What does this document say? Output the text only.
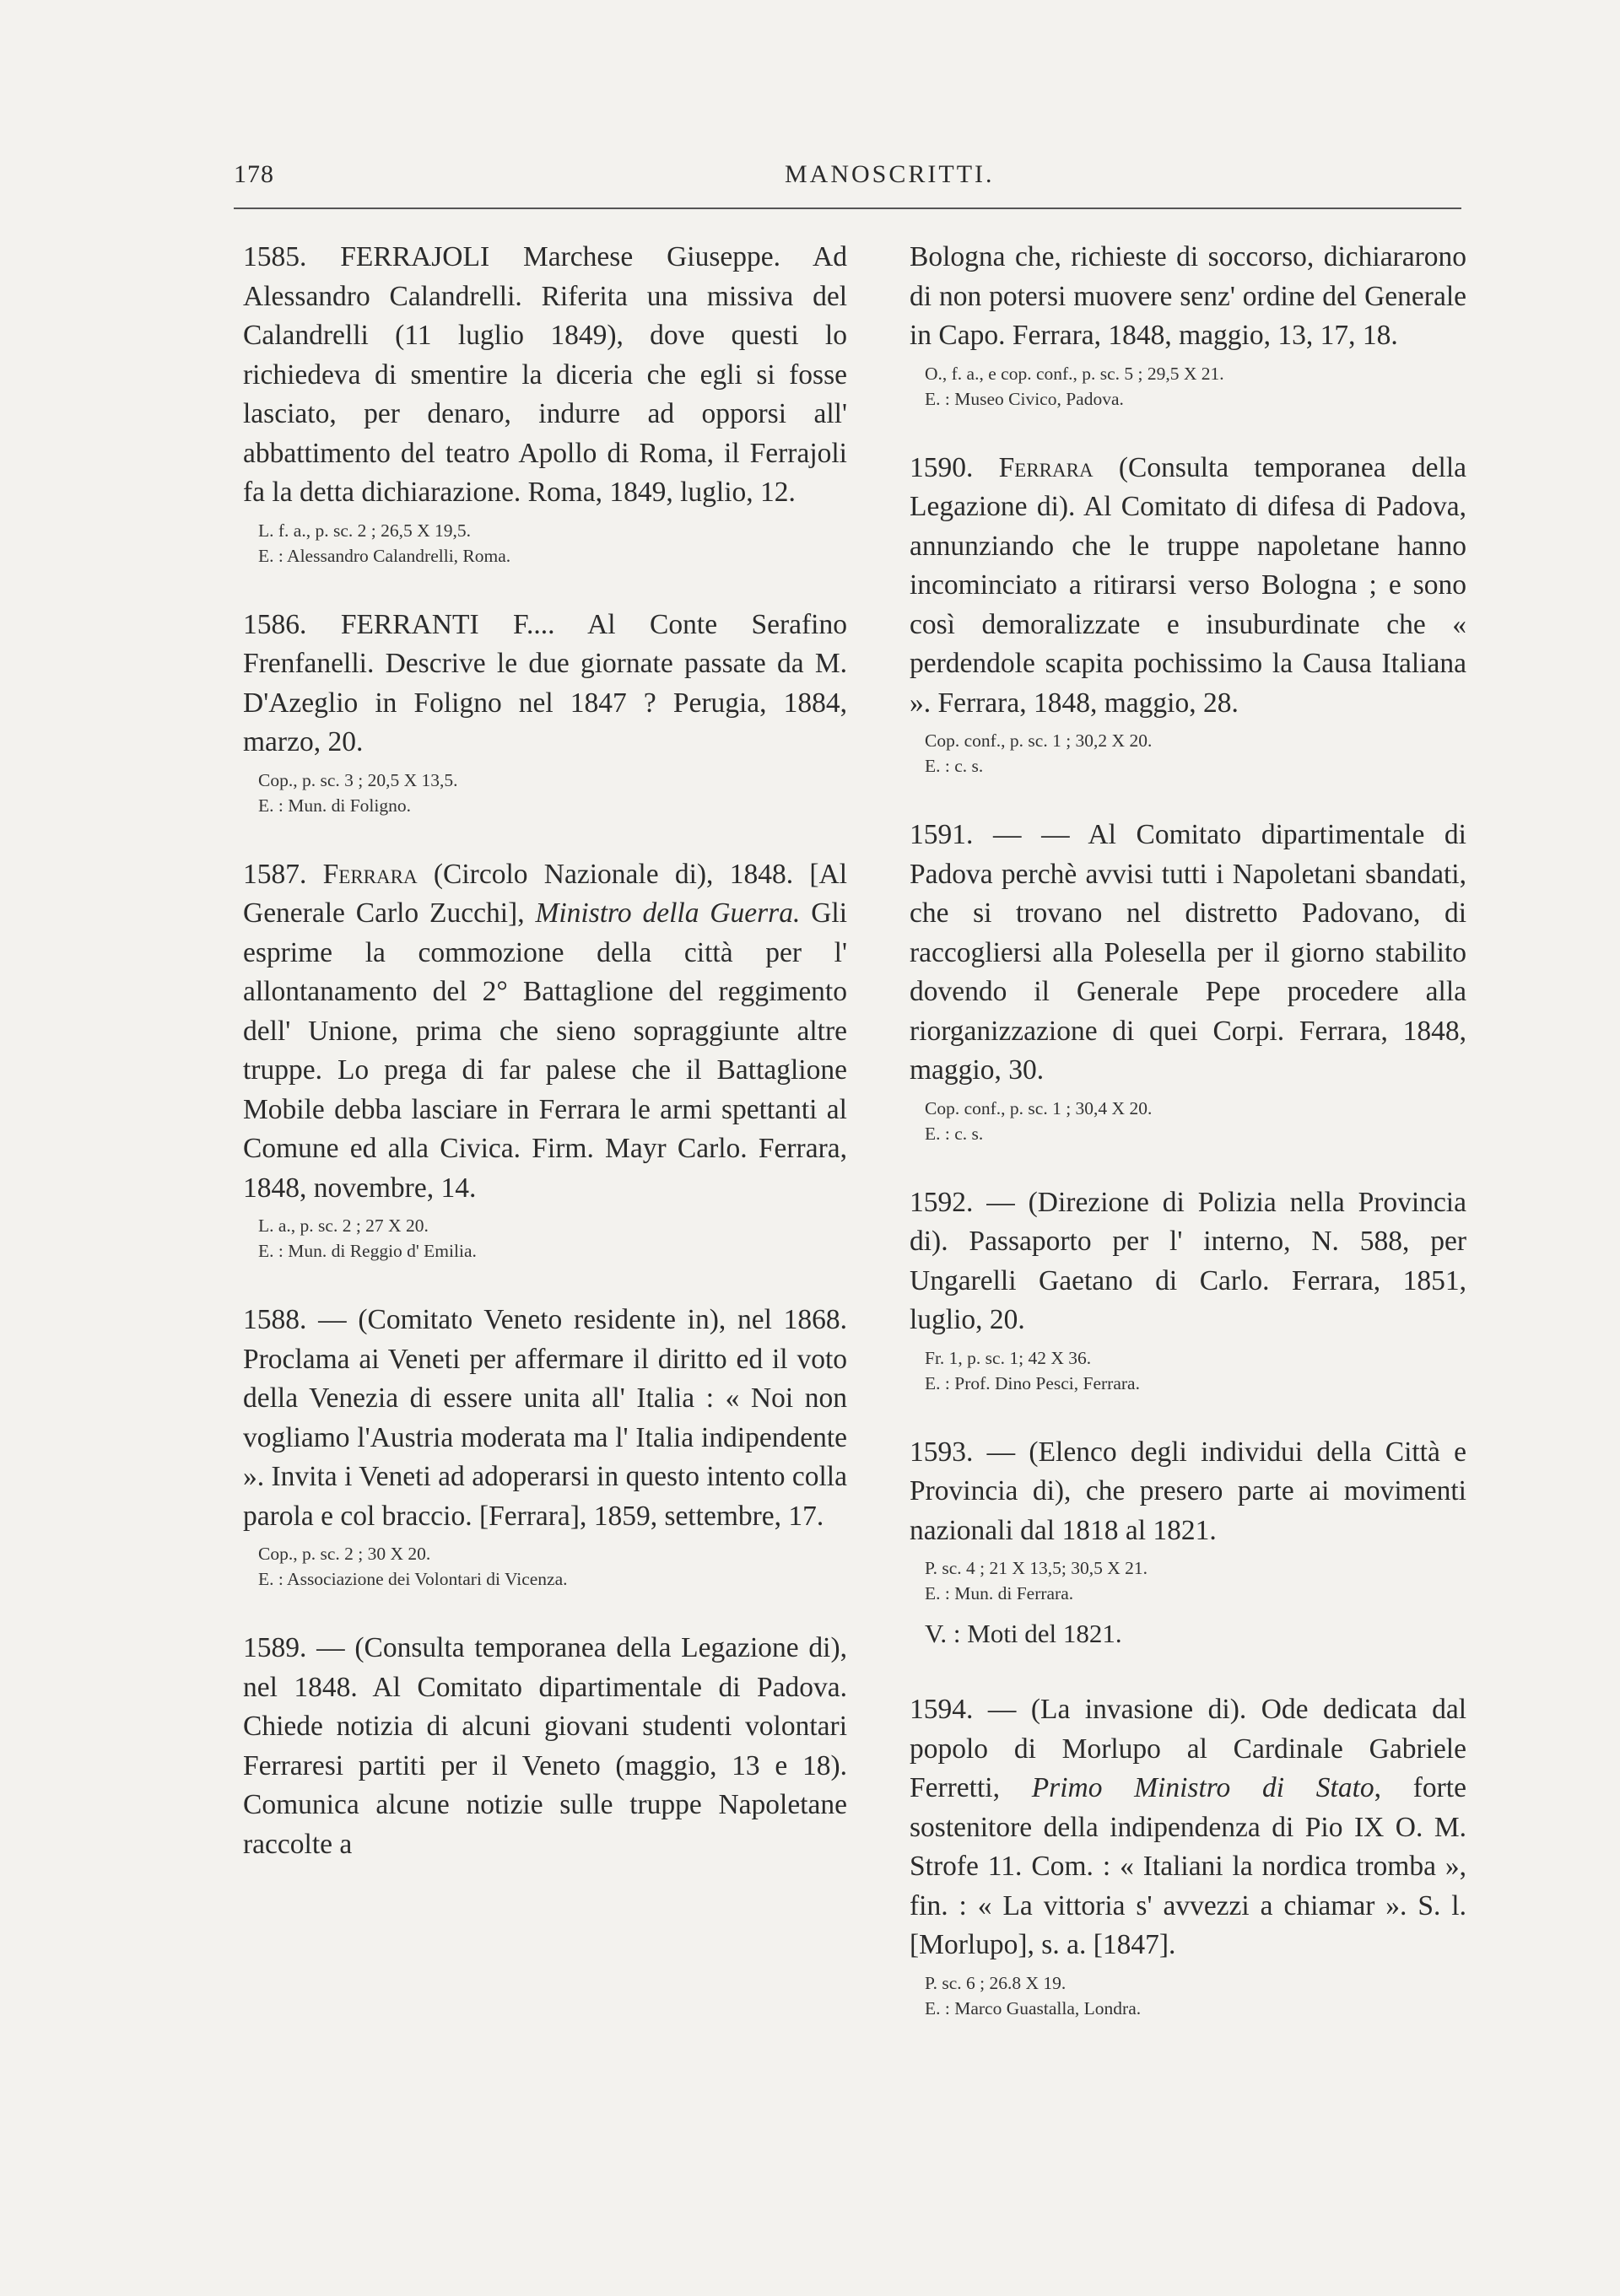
178	MANOSCRITTI.

1585. FERRAJOLI Marchese Giuseppe. Ad Alessandro Calandrelli. Riferita una missiva del Calandrelli (11 luglio 1849), dove questi lo richiedeva di smentire la diceria che egli si fosse lasciato, per denaro, indurre ad opporsi all' abbattimento del teatro Apollo di Roma, il Ferrajoli fa la detta dichiarazione. Roma, 1849, luglio, 12.

L. f. a., p. sc. 2 ; 26,5 X 19,5.
E. : Alessandro Calandrelli, Roma.

1586. FERRANTI F.... Al Conte Serafino Frenfanelli. Descrive le due giornate passate da M. D'Azeglio in Foligno nel 1847 ? Perugia, 1884, marzo, 20.

Cop., p. sc. 3 ; 20,5 X 13,5.
E. : Mun. di Foligno.

1587. Ferrara (Circolo Nazionale di), 1848. [Al Generale Carlo Zucchi], Ministro della Guerra. Gli esprime la commozione della città per l' allontanamento del 2° Battaglione del reggimento dell' Unione, prima che sieno sopraggiunte altre truppe. Lo prega di far palese che il Battaglione Mobile debba lasciare in Ferrara le armi spettanti al Comune ed alla Civica. Firm. Mayr Carlo. Ferrara, 1848, novembre, 14.

L. a., p. sc. 2 ; 27 X 20.
E. : Mun. di Reggio d' Emilia.

1588. — (Comitato Veneto residente in), nel 1868. Proclama ai Veneti per affermare il diritto ed il voto della Venezia di essere unita all' Italia : « Noi non vogliamo l'Austria moderata ma l' Italia indipendente ». Invita i Veneti ad adoperarsi in questo intento colla parola e col braccio. [Ferrara], 1859, settembre, 17.

Cop., p. sc. 2 ; 30 X 20.
E. : Associazione dei Volontari di Vicenza.

1589. — (Consulta temporanea della Legazione di), nel 1848. Al Comitato dipartimentale di Padova. Chiede notizia di alcuni giovani studenti volontari Ferraresi partiti per il Veneto (maggio, 13 e 18). Comunica alcune notizie sulle truppe Napoletane raccolte a

Bologna che, richieste di soccorso, dichiararono di non potersi muovere senz' ordine del Generale in Capo. Ferrara, 1848, maggio, 13, 17, 18.

O., f. a., e cop. conf., p. sc. 5 ; 29,5 X 21.
E. : Museo Civico, Padova.

1590. Ferrara (Consulta temporanea della Legazione di). Al Comitato di difesa di Padova, annunziando che le truppe napoletane hanno incominciato a ritirarsi verso Bologna ; e sono così demoralizzate e insuburdinate che « perdendole scapita pochissimo la Causa Italiana ». Ferrara, 1848, maggio, 28.

Cop. conf., p. sc. 1 ; 30,2 X 20.
E. : c. s.

1591. — — Al Comitato dipartimentale di Padova perchè avvisi tutti i Napoletani sbandati, che si trovano nel distretto Padovano, di raccogliersi alla Polesella per il giorno stabilito dovendo il Generale Pepe procedere alla riorganizzazione di quei Corpi. Ferrara, 1848, maggio, 30.

Cop. conf., p. sc. 1 ; 30,4 X 20.
E. : c. s.

1592. — (Direzione di Polizia nella Provincia di). Passaporto per l' interno, N. 588, per Ungarelli Gaetano di Carlo. Ferrara, 1851, luglio, 20.

Fr. 1, p. sc. 1; 42 X 36.
E. : Prof. Dino Pesci, Ferrara.

1593. — (Elenco degli individui della Città e Provincia di), che presero parte ai movimenti nazionali dal 1818 al 1821.

P. sc. 4 ; 21 X 13,5; 30,5 X 21.
E. : Mun. di Ferrara.
V. : Moti del 1821.

1594. — (La invasione di). Ode dedicata dal popolo di Morlupo al Cardinale Gabriele Ferretti, Primo Ministro di Stato, forte sostenitore della indipendenza di Pio IX O. M. Strofe 11. Com. : « Italiani la nordica tromba », fin. : « La vittoria s' avvezzi a chiamar ». S. l. [Morlupo], s. a. [1847].

P. sc. 6 ; 26.8 X 19.
E. : Marco Guastalla, Londra.
